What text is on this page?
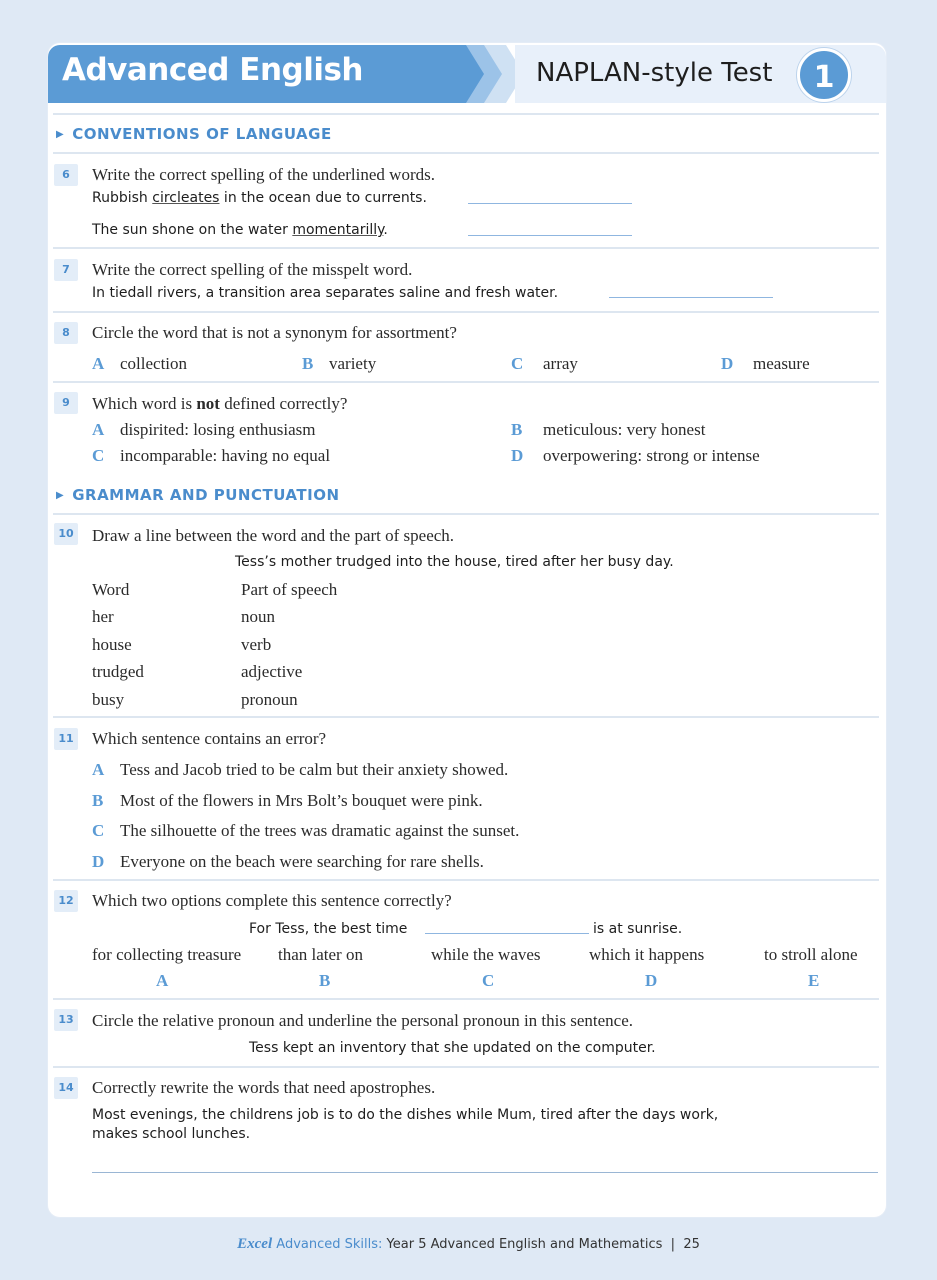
Advanced English	NAPLAN-style Test	1
▶ CONVENTIONS OF LANGUAGE
6	Write the correct spelling of the underlined words.
Rubbish circleates in the ocean due to currents.
The sun shone on the water momentarilly.
7	Write the correct spelling of the misspelt word.
In tiedall rivers, a transition area separates saline and fresh water.
8	Circle the word that is not a synonym for assortment?
A collection	B variety	C array	D measure
9	Which word is not defined correctly?
A dispirited: losing enthusiasm	B meticulous: very honest
C incomparable: having no equal	D overpowering: strong or intense
▶ GRAMMAR AND PUNCTUATION
10 Draw a line between the word and the part of speech.
Tess’s mother trudged into the house, tired after her busy day.
Word	Part of speech
her	noun
house	verb
trudged	adjective
busy	pronoun
11 Which sentence contains an error?
A Tess and Jacob tried to be calm but their anxiety showed.
B Most of the flowers in Mrs Bolt’s bouquet were pink.
C The silhouette of the trees was dramatic against the sunset.
D Everyone on the beach were searching for rare shells.
12 Which two options complete this sentence correctly?
For Tess, the best time	is at sunrise.
for collecting treasure
A
than later on
B
while the waves
C
which it happens
D
to stroll alone
E
13 Circle the relative pronoun and underline the personal pronoun in this sentence.
Tess kept an inventory that she updated on the computer.
14 Correctly rewrite the words that need apostrophes.
Most evenings, the childrens job is to do the dishes while Mum, tired after the days work,
makes school lunches.
Excel Advanced Skills: Year 5 Advanced English and Mathematics | 25
